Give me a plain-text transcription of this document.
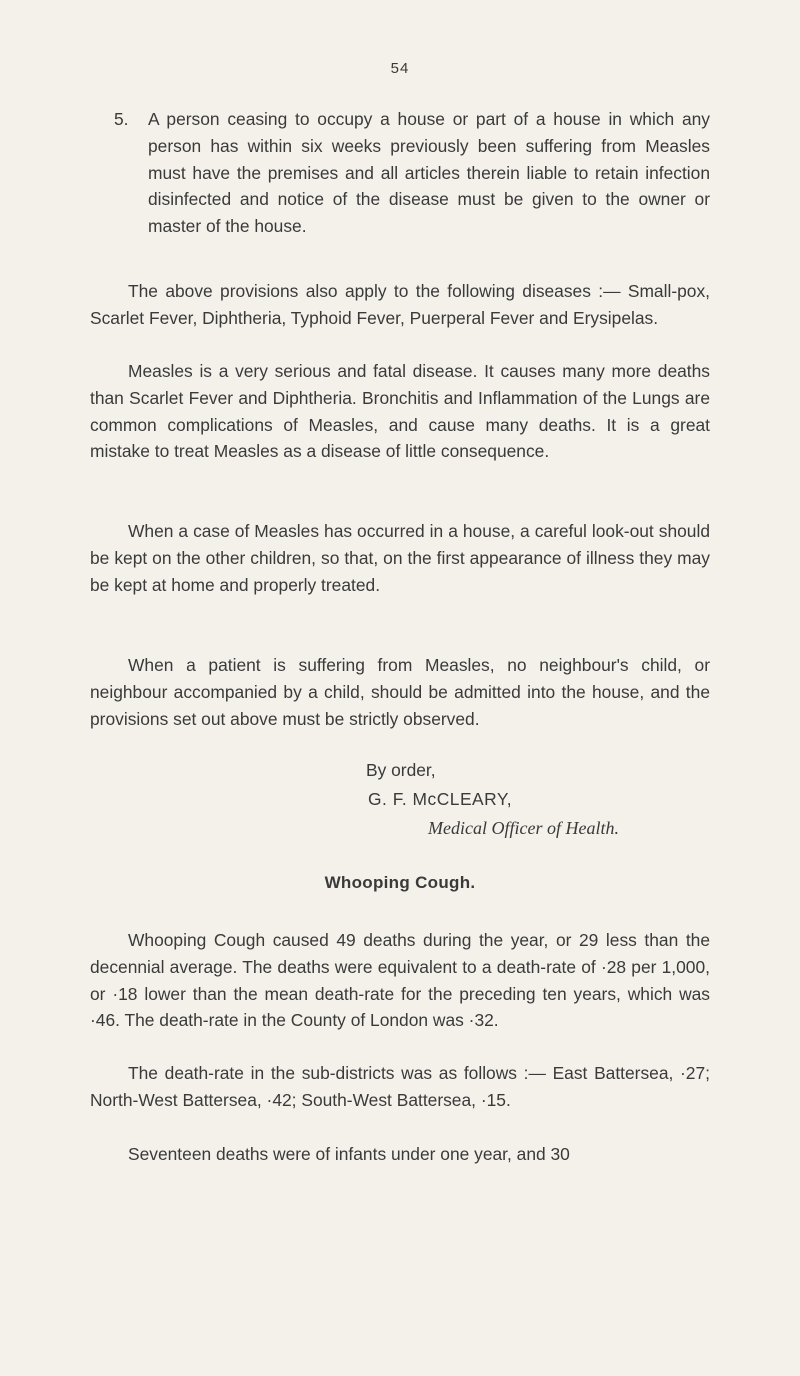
54
5.	A person ceasing to occupy a house or part of a house in which any person has within six weeks previously been suffering from Measles must have the premises and all articles therein liable to retain infection disinfected and notice of the disease must be given to the owner or master of the house.

The above provisions also apply to the following diseases :— Small-pox, Scarlet Fever, Diphtheria, Typhoid Fever, Puerperal Fever and Erysipelas.

Measles is a very serious and fatal disease. It causes many more deaths than Scarlet Fever and Diphtheria. Bronchitis and Inflammation of the Lungs are common complications of Measles, and cause many deaths. It is a great mistake to treat Measles as a disease of little consequence.

When a case of Measles has occurred in a house, a careful look-out should be kept on the other children, so that, on the first appearance of illness they may be kept at home and properly treated.

When a patient is suffering from Measles, no neighbour's child, or neighbour accompanied by a child, should be admitted into the house, and the provisions set out above must be strictly observed.

By order,
G. F. McCLEARY,
Medical Officer of Health.
Whooping Cough.

Whooping Cough caused 49 deaths during the year, or 29 less than the decennial average. The deaths were equivalent to a death-rate of ·28 per 1,000, or ·18 lower than the mean death-rate for the preceding ten years, which was ·46. The death-rate in the County of London was ·32.

The death-rate in the sub-districts was as follows :— East Battersea, ·27; North-West Battersea, ·42; South-West Battersea, ·15.

Seventeen deaths were of infants under one year, and 30
